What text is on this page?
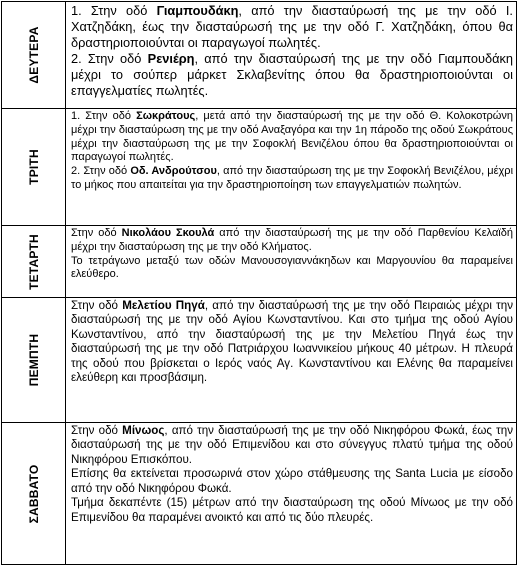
ΔΕΥΤΕΡΑ	1. Στην οδό Γιαμπουδάκη, από την διασταύρωσή της με την οδό Ι. Χατζηδάκη, έως την διασταύρωσή της με την οδό Γ. Χατζηδάκη, όπου θα δραστηριοποιούνται οι παραγωγοί πωλητές.

2. Στην οδό Ρενιέρη, από την διασταύρωσή της με την οδό Γιαμπουδάκη μέχρι το σούπερ μάρκετ Σκλαβενίτης όπου θα δραστηριοποιούνται οι επαγγελματίες πωλητές.

ΤΡΙΤΗ	1. Στην οδό Σωκράτους, μετά από την διασταύρωσή της με την οδό Θ. Κολοκοτρώνη μέχρι την διασταύρωση της με την οδό Αναξαγόρα και την 1η πάροδο της οδού Σωκράτους μέχρι την διασταύρωση της με την Σοφοκλή Βενιζέλου όπου θα δραστηριοποιούνται οι παραγωγοί πωλητές.

2. Στην οδό Οδ. Ανδρούτσου, από την διασταύρωση της με την Σοφοκλή Βενιζέλου, μέχρι το μήκος που απαιτείται για την δραστηριοποίηση των επαγγελματιών πωλητών.

ΤΕΤΑΡΤΗ	Στην οδό Νικολάου Σκουλά από την διασταύρωσή της με την οδό Παρθενίου Κελαϊδή μέχρι την διασταύρωση της με την οδό Κλήματος.

Το τετράγωνο μεταξύ των οδών Μανουσογιαννάκηδων και Μαργουνίου θα παραμείνει ελεύθερο.

ΠΕΜΠΤΗ	Στην οδό Μελετίου Πηγά, από την διασταύρωσή της με την οδό Πειραιώς μέχρι την διασταύρωσή της με την οδό Αγίου Κωνσταντίνου. Και στο τμήμα της οδού Αγίου Κωνσταντίνου, από την διασταύρωσή της με την Μελετίου Πηγά έως την διασταύρωσή της με την οδό Πατριάρχου Ιωαννικείου μήκους 40 μέτρων. Η πλευρά της οδού που βρίσκεται ο Ιερός ναός Αγ. Κωνσταντίνου και Ελένης θα παραμείνει ελεύθερη και προσβάσιμη.

ΣΑΒΒΑΤΟ	Στην οδό Μίνωος, από την διασταύρωσή της με την οδό Νικηφόρου Φωκά, έως την διασταύρωσή της με την οδό Επιμενίδου και στο σύνεγγυς πλατύ τμήμα της οδού Νικηφόρου Επισκόπου.

Επίσης θα εκτείνεται προσωρινά στον χώρο στάθμευσης της Santa Lucia με είσοδο από την οδό Νικηφόρου Φωκά.

Τμήμα δεκαπέντε (15) μέτρων από την διασταύρωση της οδού Μίνωος με την οδό Επιμενίδου θα παραμένει ανοικτό και από τις δύο πλευρές.
